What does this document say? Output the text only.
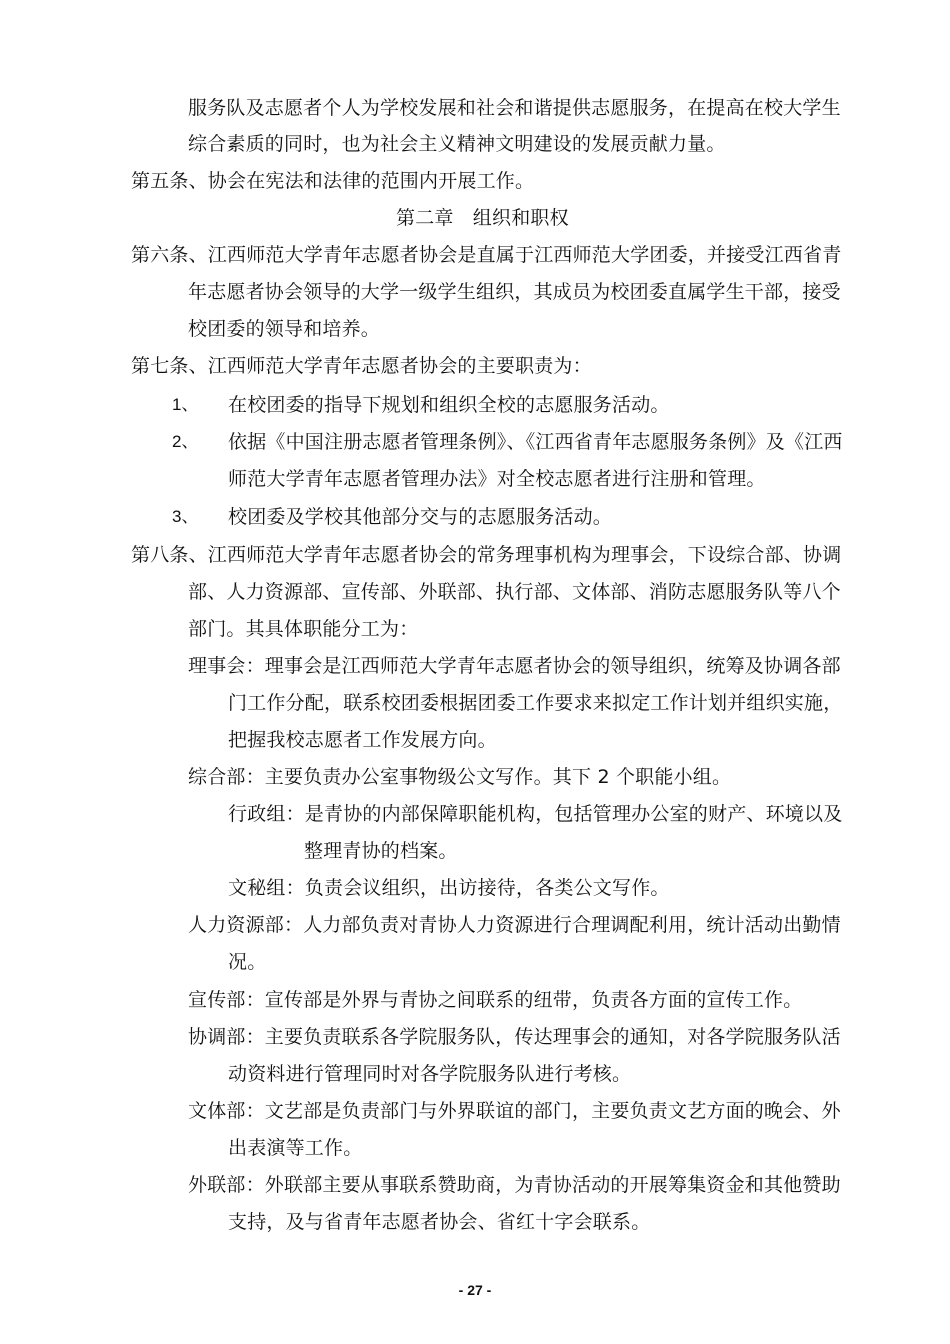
服务队及志愿者个人为学校发展和社会和谐提供志愿服务，在提高在校大学生
综合素质的同时，也为社会主义精神文明建设的发展贡献力量。
第五条、协会在宪法和法律的范围内开展工作。
第二章　组织和职权
第六条、江西师范大学青年志愿者协会是直属于江西师范大学团委，并接受江西省青
年志愿者协会领导的大学一级学生组织，其成员为校团委直属学生干部，接受
校团委的领导和培养。
第七条、江西师范大学青年志愿者协会的主要职责为：
1、 在校团委的指导下规划和组织全校的志愿服务活动。
2、 依据《中国注册志愿者管理条例》、《江西省青年志愿服务条例》及《江西
师范大学青年志愿者管理办法》对全校志愿者进行注册和管理。
3、 校团委及学校其他部分交与的志愿服务活动。
第八条、江西师范大学青年志愿者协会的常务理事机构为理事会，下设综合部、协调
部、人力资源部、宣传部、外联部、执行部、文体部、消防志愿服务队等八个
部门。其具体职能分工为：
理事会：理事会是江西师范大学青年志愿者协会的领导组织，统筹及协调各部
门工作分配，联系校团委根据团委工作要求来拟定工作计划并组织实施，
把握我校志愿者工作发展方向。
综合部：主要负责办公室事物级公文写作。其下 2 个职能小组。
行政组：是青协的内部保障职能机构，包括管理办公室的财产、环境以及
整理青协的档案。
文秘组：负责会议组织，出访接待，各类公文写作。
人力资源部：人力部负责对青协人力资源进行合理调配利用，统计活动出勤情
况。
宣传部：宣传部是外界与青协之间联系的纽带，负责各方面的宣传工作。
协调部：主要负责联系各学院服务队，传达理事会的通知，对各学院服务队活
动资料进行管理同时对各学院服务队进行考核。
文体部：文艺部是负责部门与外界联谊的部门，主要负责文艺方面的晚会、外
出表演等工作。
外联部：外联部主要从事联系赞助商，为青协活动的开展筹集资金和其他赞助
支持，及与省青年志愿者协会、省红十字会联系。
- 27 -
